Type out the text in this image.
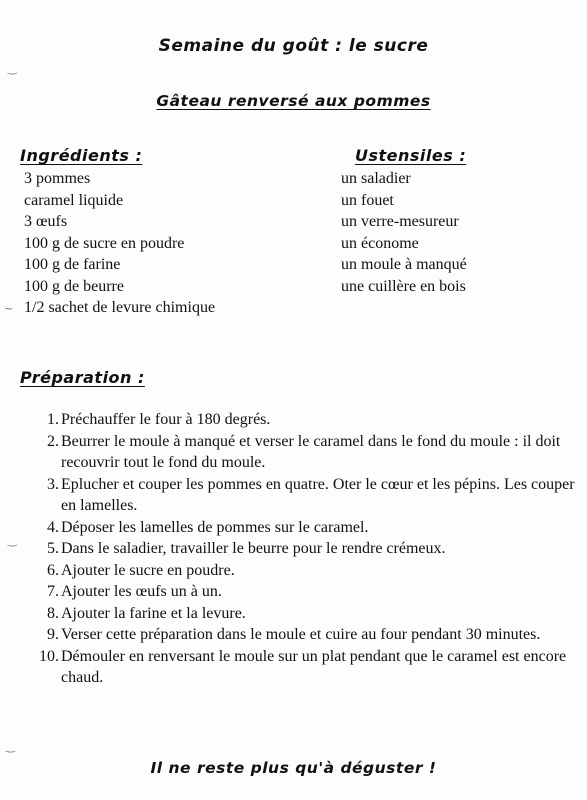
Semaine du goût : le sucre
Gâteau renversé aux pommes
Ingrédients :
3 pommes
caramel liquide
3 œufs
100 g de sucre en poudre
100 g de farine
100 g de beurre
1/2 sachet de levure chimique
Ustensiles :
un saladier
un fouet
un verre-mesureur
un économe
un moule à manqué
une cuillère en bois
Préparation :
1. Préchauffer le four à 180 degrés.
2. Beurrer le moule à manqué et verser le caramel dans le fond du moule : il doit recouvrir tout le fond du moule.
3. Eplucher et couper les pommes en quatre. Oter le cœur et les pépins. Les couper en lamelles.
4. Déposer les lamelles de pommes sur le caramel.
5. Dans le saladier, travailler le beurre pour le rendre crémeux.
6. Ajouter le sucre en poudre.
7. Ajouter les œufs un à un.
8. Ajouter la farine et la levure.
9. Verser cette préparation dans le moule et cuire au four pendant 30 minutes.
10. Démouler en renversant le moule sur un plat pendant que le caramel est encore chaud.
Il ne reste plus qu'à déguster !
‿
~
‿
‿
